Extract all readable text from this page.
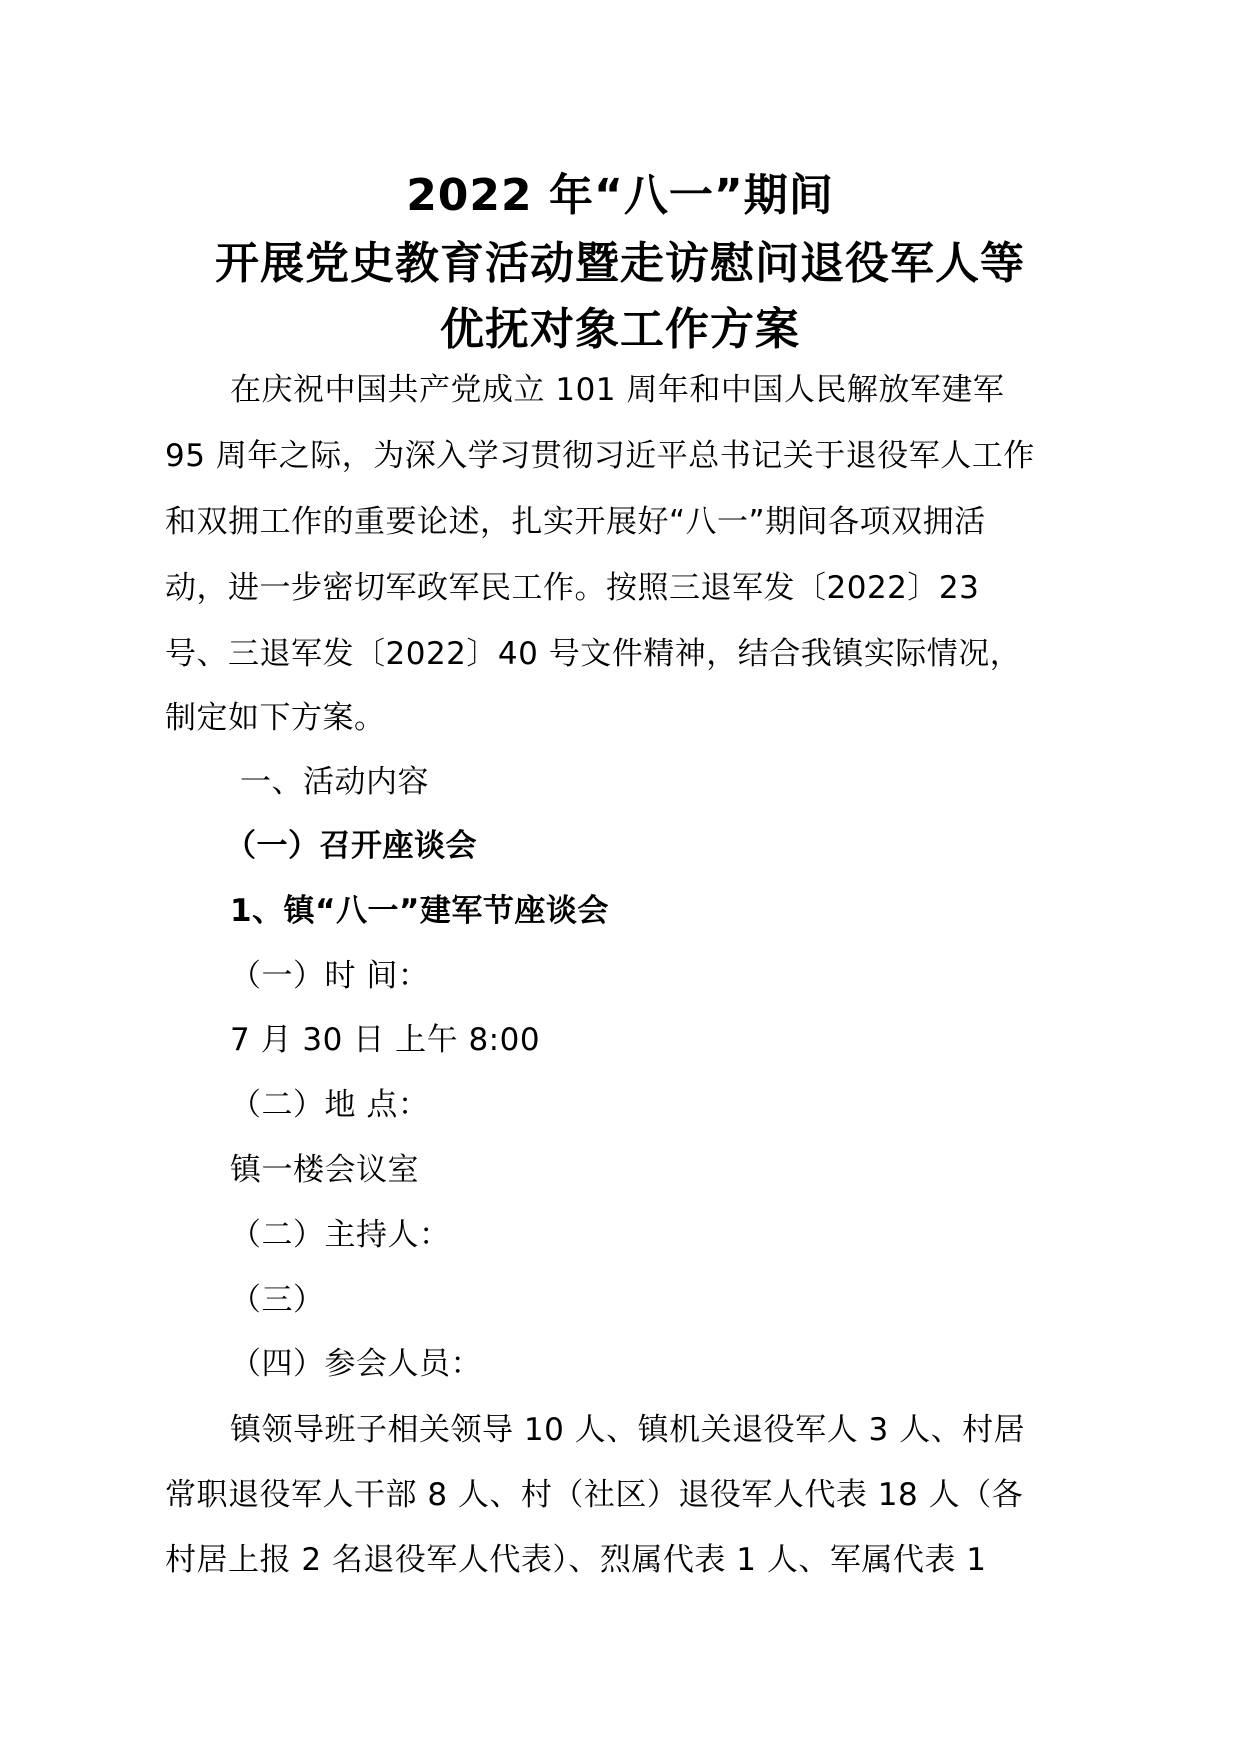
2022 年“八一”期间
开展党史教育活动暨走访慰问退役军人等
优抚对象工作方案
在庆祝中国共产党成立 101 周年和中国人民解放军建军
95 周年之际，为深入学习贯彻习近平总书记关于退役军人工作
和双拥工作的重要论述，扎实开展好“八一”期间各项双拥活
动，进一步密切军政军民工作。按照三退军发〔2022〕23
号、三退军发〔2022〕40 号文件精神，结合我镇实际情况，
制定如下方案。
一、活动内容
（一）召开座谈会
1、镇“八一”建军节座谈会
（一）时 间：
7 月 30 日 上午 8:00
（二）地 点：
镇一楼会议室
（二）主持人：
（三）
（四）参会人员：
镇领导班子相关领导 10 人、镇机关退役军人 3 人、村居
常职退役军人干部 8 人、村（社区）退役军人代表 18 人（各
村居上报 2 名退役军人代表）、烈属代表 1 人、军属代表 1
